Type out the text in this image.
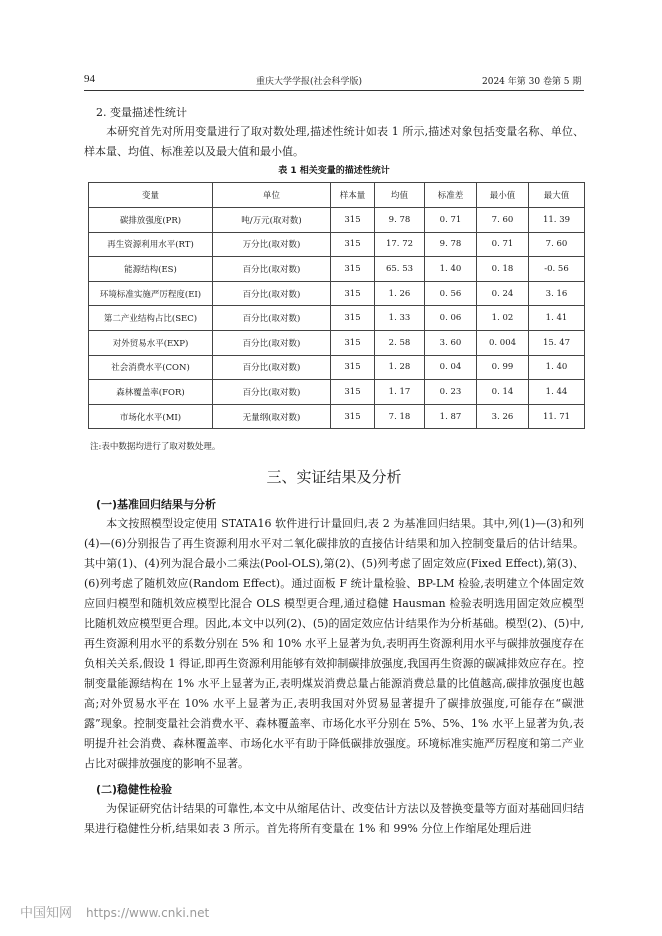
94	重庆大学学报(社会科学版)	2024 年第 30 卷第 5 期
2. 变量描述性统计
本研究首先对所用变量进行了取对数处理,描述性统计如表 1 所示,描述对象包括变量名称、单位、样本量、均值、标准差以及最大值和最小值。
表 1 相关变量的描述性统计
变量	单位	样本量	均值	标准差	最小值	最大值
碳排放强度(PR)	吨/万元(取对数)	315	9. 78	0. 71	7. 60	11. 39
再生资源利用水平(RT)	万分比(取对数)	315	17. 72	9. 78	0. 71	7. 60
能源结构(ES)	百分比(取对数)	315	65. 53	1. 40	0. 18	-0. 56
环境标准实施严厉程度(EI)	百分比(取对数)	315	1. 26	0. 56	0. 24	3. 16
第二产业结构占比(SEC)	百分比(取对数)	315	1. 33	0. 06	1. 02	1. 41
对外贸易水平(EXP)	百分比(取对数)	315	2. 58	3. 60	0. 004	15. 47
社会消费水平(CON)	百分比(取对数)	315	1. 28	0. 04	0. 99	1. 40
森林覆盖率(FOR)	百分比(取对数)	315	1. 17	0. 23	0. 14	1. 44
市场化水平(MI)	无量纲(取对数)	315	7. 18	1. 87	3. 26	11. 71
注:表中数据均进行了取对数处理。
三、实证结果及分析
(一)基准回归结果与分析
本文按照模型设定使用 STATA16 软件进行计量回归,表 2 为基准回归结果。其中,列(1)—(3)和列(4)—(6)分别报告了再生资源利用水平对二氧化碳排放的直接估计结果和加入控制变量后的估计结果。其中第(1)、(4)列为混合最小二乘法(Pool-OLS),第(2)、(5)列考虑了固定效应(Fixed Effect),第(3)、(6)列考虑了随机效应(Random Effect)。通过面板 F 统计量检验、BP-LM 检验,表明建立个体固定效应回归模型和随机效应模型比混合 OLS 模型更合理,通过稳健 Hausman 检验表明选用固定效应模型比随机效应模型更合理。因此,本文中以列(2)、(5)的固定效应估计结果作为分析基础。模型(2)、(5)中,再生资源利用水平的系数分别在 5% 和 10% 水平上显著为负,表明再生资源利用水平与碳排放强度存在负相关关系,假设 1 得证,即再生资源利用能够有效抑制碳排放强度,我国再生资源的碳减排效应存在。控制变量能源结构在 1% 水平上显著为正,表明煤炭消费总量占能源消费总量的比值越高,碳排放强度也越高;对外贸易水平在 10% 水平上显著为正,表明我国对外贸易显著提升了碳排放强度,可能存在“碳泄露”现象。控制变量社会消费水平、森林覆盖率、市场化水平分别在 5%、5%、1% 水平上显著为负,表明提升社会消费、森林覆盖率、市场化水平有助于降低碳排放强度。环境标准实施严厉程度和第二产业占比对碳排放强度的影响不显著。
(二)稳健性检验
为保证研究估计结果的可靠性,本文中从缩尾估计、改变估计方法以及替换变量等方面对基础回归结果进行稳健性分析,结果如表 3 所示。首先将所有变量在 1% 和 99% 分位上作缩尾处理后进
中国知网 https://www.cnki.net
